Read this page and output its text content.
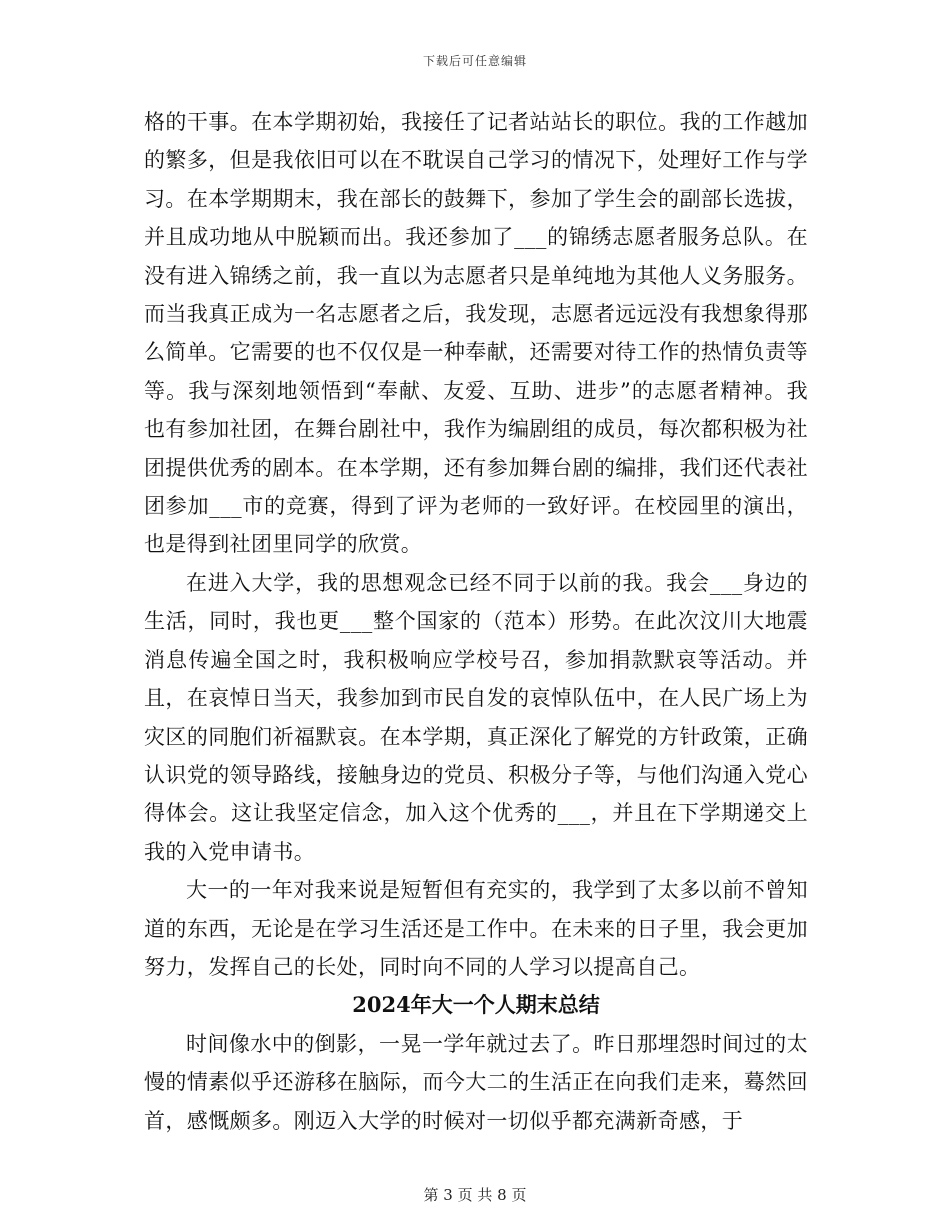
下载后可任意编辑

格的干事。在本学期初始，我接任了记者站站长的职位。我的工作越加的繁多，但是我依旧可以在不耽误自己学习的情况下，处理好工作与学习。在本学期期末，我在部长的鼓舞下，参加了学生会的副部长选拔，并且成功地从中脱颖而出。我还参加了___的锦绣志愿者服务总队。在没有进入锦绣之前，我一直以为志愿者只是单纯地为其他人义务服务。而当我真正成为一名志愿者之后，我发现，志愿者远远没有我想象得那么简单。它需要的也不仅仅是一种奉献，还需要对待工作的热情负责等等。我与深刻地领悟到“奉献、友爱、互助、进步”的志愿者精神。我也有参加社团，在舞台剧社中，我作为编剧组的成员，每次都积极为社团提供优秀的剧本。在本学期，还有参加舞台剧的编排，我们还代表社团参加___市的竞赛，得到了评为老师的一致好评。在校园里的演出，也是得到社团里同学的欣赏。

在进入大学，我的思想观念已经不同于以前的我。我会___身边的生活，同时，我也更___整个国家的（范本）形势。在此次汶川大地震消息传遍全国之时，我积极响应学校号召，参加捐款默哀等活动。并且，在哀悼日当天，我参加到市民自发的哀悼队伍中，在人民广场上为灾区的同胞们祈福默哀。在本学期，真正深化了解党的方针政策，正确认识党的领导路线，接触身边的党员、积极分子等，与他们沟通入党心得体会。这让我坚定信念，加入这个优秀的___，并且在下学期递交上我的入党申请书。

大一的一年对我来说是短暂但有充实的，我学到了太多以前不曾知道的东西，无论是在学习生活还是工作中。在未来的日子里，我会更加努力，发挥自己的长处，同时向不同的人学习以提高自己。

2024年大一个人期末总结

时间像水中的倒影，一晃一学年就过去了。昨日那埋怨时间过的太慢的情素似乎还游移在脑际，而今大二的生活正在向我们走来，蓦然回首，感慨颇多。刚迈入大学的时候对一切似乎都充满新奇感，于

第 3 页 共 8 页
